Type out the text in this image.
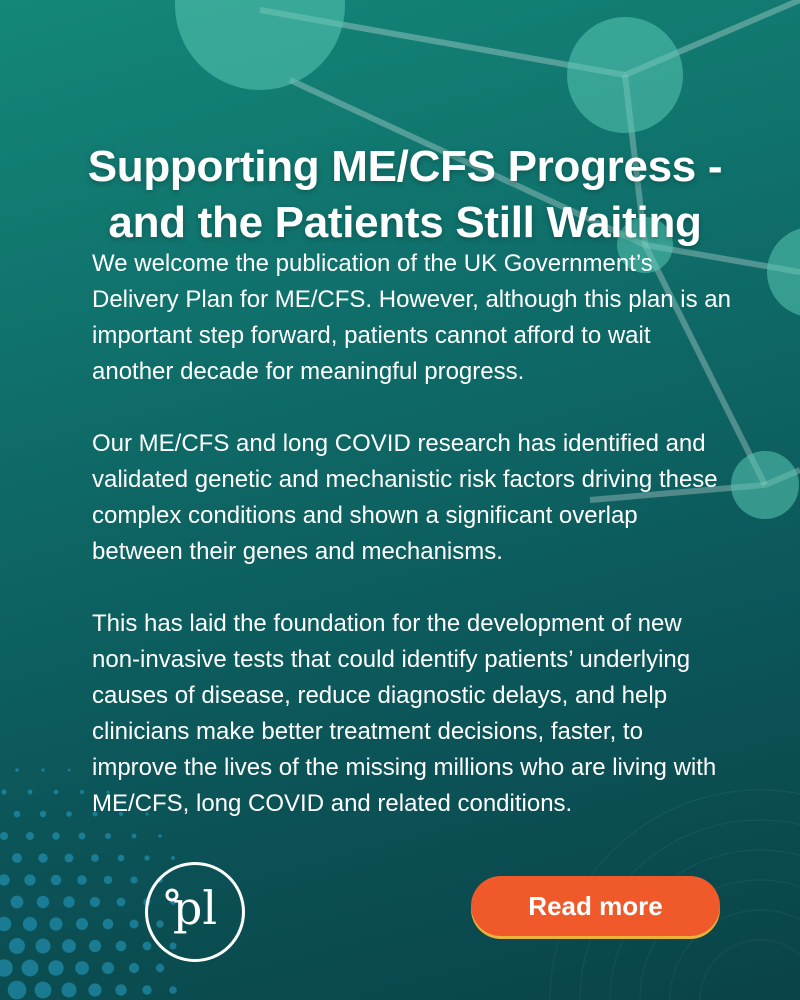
Supporting ME/CFS Progress - and the Patients Still Waiting

We welcome the publication of the UK Government’s Delivery Plan for ME/CFS. However, although this plan is an important step forward, patients cannot afford to wait another decade for meaningful progress.

Our ME/CFS and long COVID research has identified and validated genetic and mechanistic risk factors driving these complex conditions and shown a significant overlap between their genes and mechanisms.

This has laid the foundation for the development of new non-invasive tests that could identify patients’ underlying causes of disease, reduce diagnostic delays, and help clinicians make better treatment decisions, faster, to improve the lives of the missing millions who are living with ME/CFS, long COVID and related conditions.

pl	Read more
